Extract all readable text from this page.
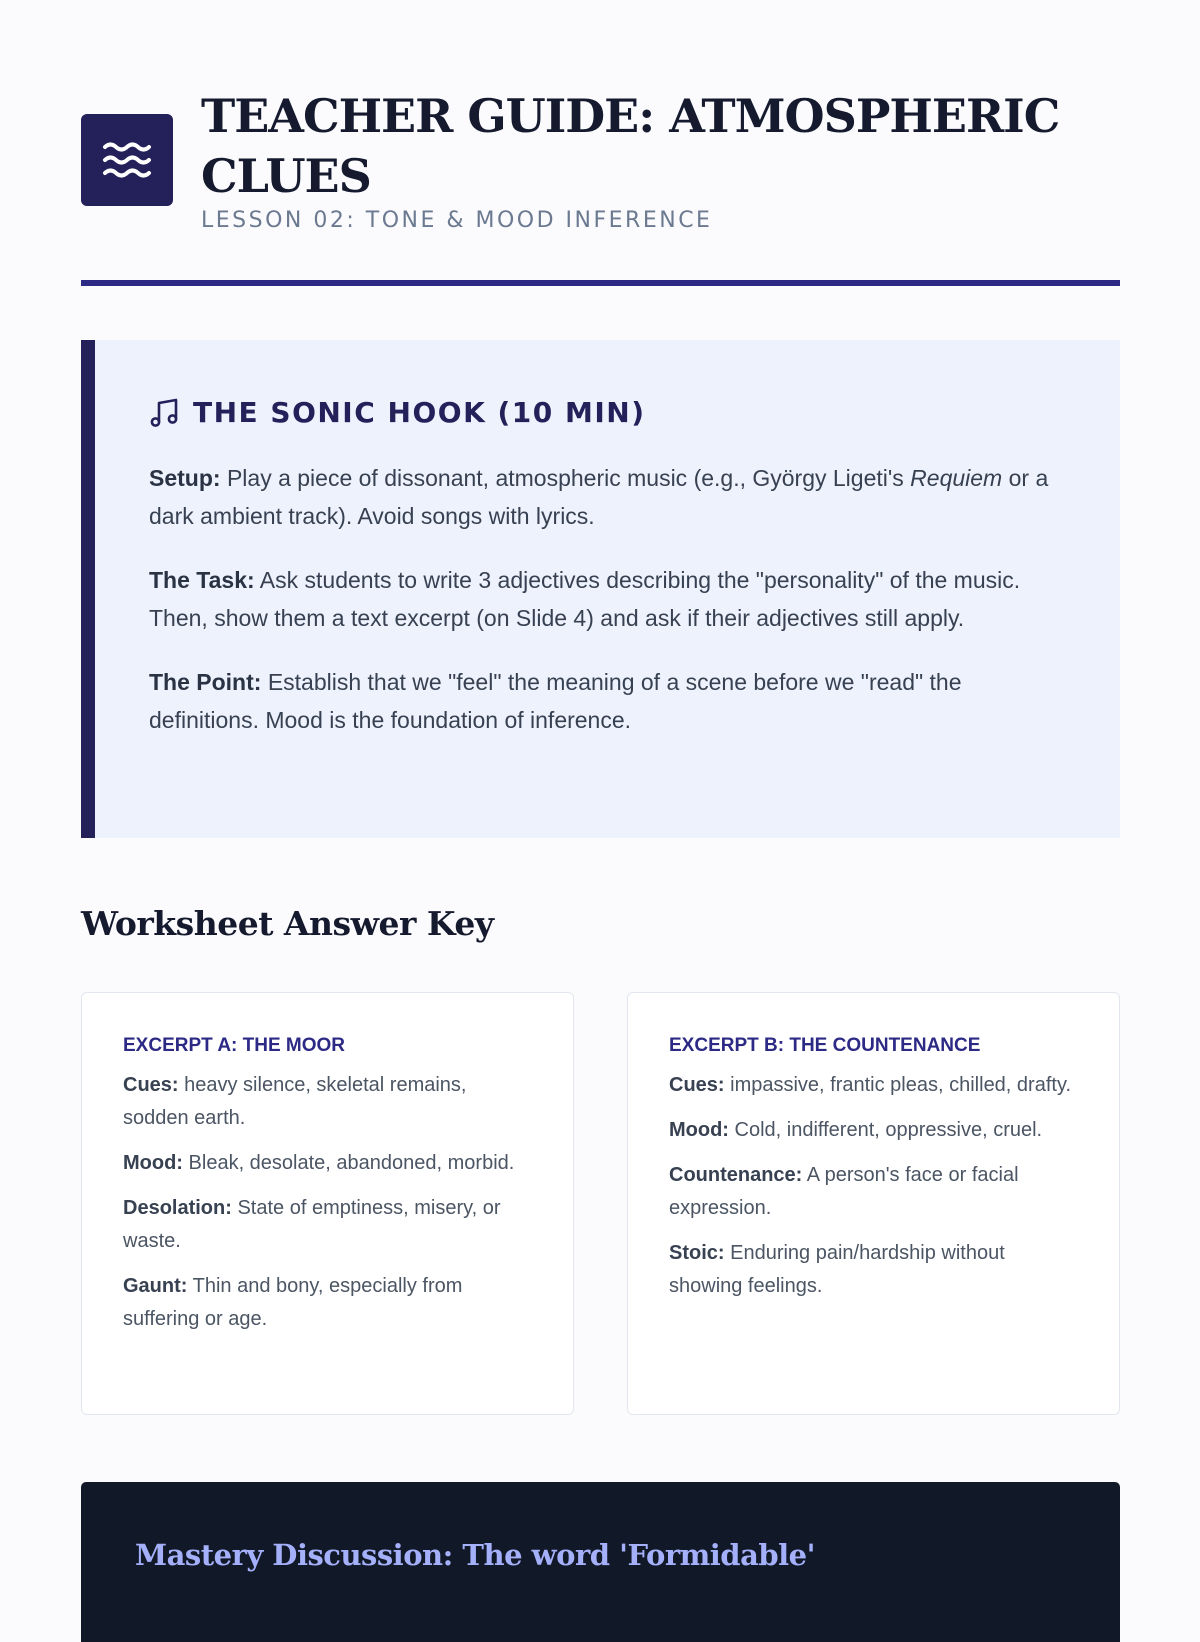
TEACHER GUIDE: ATMOSPHERIC CLUES
LESSON 02: TONE & MOOD INFERENCE
THE SONIC HOOK (10 MIN)

Setup: Play a piece of dissonant, atmospheric music (e.g., György Ligeti's Requiem or a dark ambient track). Avoid songs with lyrics.

The Task: Ask students to write 3 adjectives describing the "personality" of the music. Then, show them a text excerpt (on Slide 4) and ask if their adjectives still apply.

The Point: Establish that we "feel" the meaning of a scene before we "read" the definitions. Mood is the foundation of inference.

Worksheet Answer Key
EXCERPT A: THE MOOR

Cues: heavy silence, skeletal remains, sodden earth.

Mood: Bleak, desolate, abandoned, morbid.

Desolation: State of emptiness, misery, or waste.

Gaunt: Thin and bony, especially from suffering or age.

EXCERPT B: THE COUNTENANCE

Cues: impassive, frantic pleas, chilled, drafty.

Mood: Cold, indifferent, oppressive, cruel.

Countenance: A person's face or facial expression.

Stoic: Enduring pain/hardship without showing feelings.

Mastery Discussion: The word 'Formidable'
